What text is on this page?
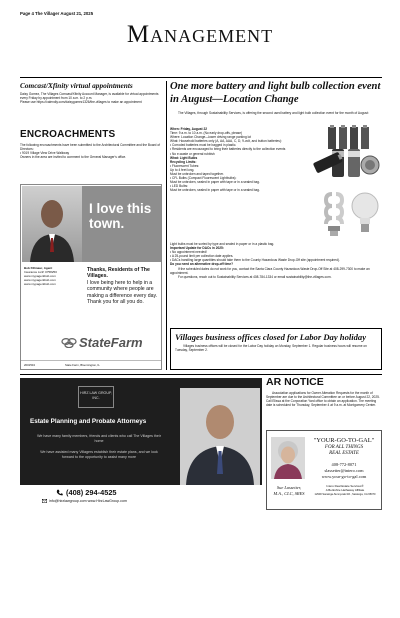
Page 4 The Villager August 21, 2025
Management
Comcast/Xfinity virtual appointments

Daisy Gomez, The Villages Comcast/Xfinity Account Manager, is available for virtual appointments every Friday by appointment from 10 a.m. to 2 p.m.

Please use https://calendly.com/daisygomez1326/the-villages to make an appointment

ENCROACHMENTS

The following encroachments have been submitted to the Architectural Committee and the Board of Directors:

• 9019 Village View Drive Walkway

Owners in the area are invited to comment to the General Manager's office.

I love this town.
Bob Fillmaur, Agent
Insurance Lic#: 0758250
www.mypagentbob.com
www.mypagentbob.com
www.mypagentbob.com
Thanks, Residents of The Villages.
I love being here to help in a community where people are making a difference every day. Thank you for all you do.
StateFarm
2001504	State Farm, Bloomington, IL
One more battery and light bulb collection event in August—Location Change

The Villages, through Sustainability Services, is offering the second used battery and light bulb collection event for the month of August:

When: Friday, August 22

Time: 9 a.m. to 10 a.m. (No early drop-offs, please)

Where: Location Change—lower driving range parking lot

What: Household batteries only (A, AA, AAA, C, D, 9-volt, and button batteries):

• Corroded batteries must be bagged in plastic.

• Residents are encouraged to bring their batteries directly to the collection events

• No e-waste or general rubbish

What: Light Bulbs

Recycling Limits:

• Fluorescent Tubes:

Up to 4 feet long.

Must be unbroken and taped together.

• CFL Bulbs (Compact Fluorescent Lightbulbs):

Must be unbroken, sealed in paper with tape or in a sealed bag.

• LED Bulbs:

Must be unbroken, sealed in paper with tape or in a sealed bag.

Light bulbs must be sorted by type and sealed in paper or in a plastic bag.

Important Update for DACs in 2025:

• No appointment needed!

• A 25-pound limit per collection date applies.

• DACs handling large quantities should take them to the County Hazardous Waste Drop-Off site (appointment required).

Do you need an alternative drop-off time?

If the scheduled dates do not work for you, contact the Santa Clara County Hazardous Waste Drop-Off Site at 408-299-7300 to make an appointment.

For questions, reach out to Sustainability Services at 408-784-1334 or email sustainability@the-villages.com.

Villages business offices closed for Labor Day holiday
Villages business offices will be closed for the Labor Day holiday on Monday, September 1. Regular business hours will resume on Tuesday, September 2.
HIRZ LAW GROUP, INC.
Estate Planning and Probate Attorneys
We have many family members, friends and clients who call The Villages their home
We have assisted many Villagers establish their estate plans, and we look forward to the opportunity to assist many more
(408) 294-4525
info@hirzlawgroup.com www.HirzLawGroup.com
AR NOTICE
Association applications for Owner Alteration Requests for the month of September are due to the Architectural Committee on or before August 22, 2025. Call Elissa at the Corporation Yard office to obtain an application. The meeting date is scheduled for Thursday, September 4 at 9 a.m. at Montgomery Center.
"YOUR-GO-TO-GAL"
FOR ALL THINGS
REAL ESTATE
408-772-8071
slassetter@intero.com
www.your-go-to-gal.com
Sue Lassetter,
M.A., CLC, SRES
Intero Real Estate Services®
A Berkshire Hathaway Affiliate
12900 Saratoga-Sunnyvale Rd., Saratoga, CA 95070
